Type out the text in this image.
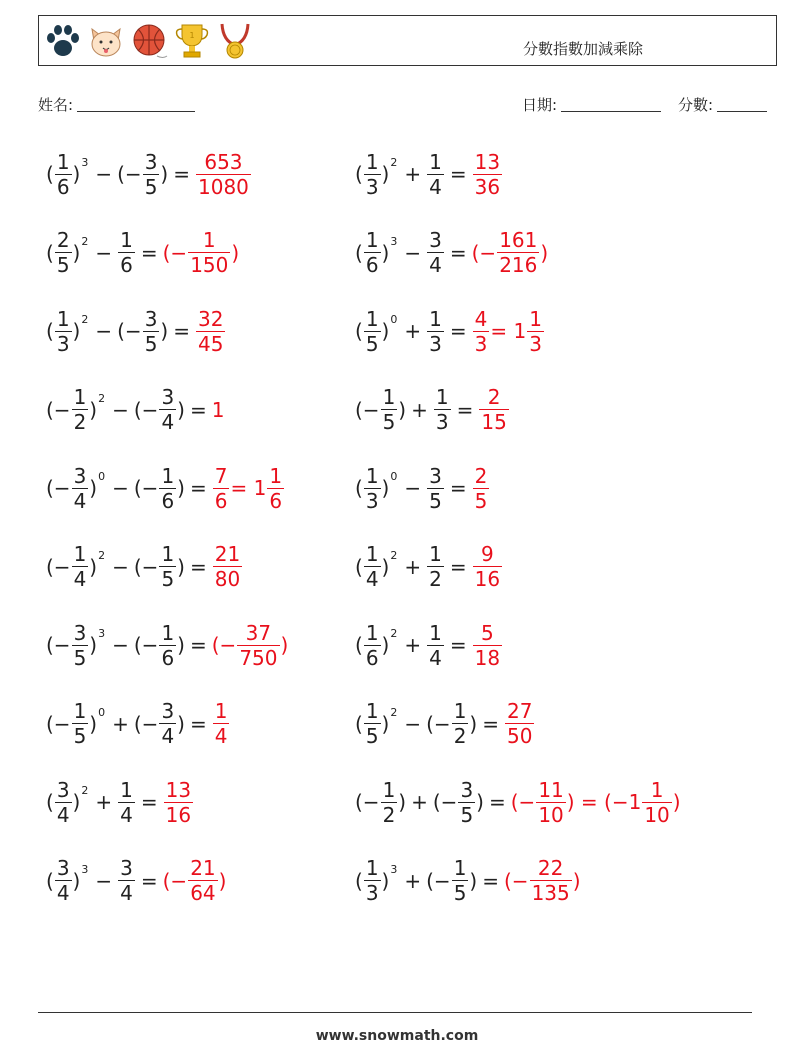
1
分數指數加減乘除
姓名:	日期:	分數:
( $\frac{1}{6}$ ) 3 − (− $\frac{3}{5}$ ) = $\frac{653}{1080}$	( $\frac{1}{3}$ ) $2 + \frac{1}{4} = \frac{13}{36}$
( $\frac{2}{5}$ ) $2 - \frac{1}{6}$ = (− $\frac{1}{150}$ )	( $\frac{1}{6}$ ) $3 - \frac{3}{4}$ = (− $\frac{161}{216}$ )
( $\frac{1}{3}$ ) 2 − (− $\frac{3}{5}$ ) = $\frac{32}{45}$	( $\frac{1}{5}$ ) $0 + \frac{1}{3} = \frac{4}{3} = 1 \frac{1}{3}$
(− $\frac{1}{2}$ ) 2 − (− $\frac{3}{4}$ ) = 1	(− $\frac{1}{5}$ ) + $\frac{1}{3} = \frac{2}{15}$
(− $\frac{3}{4}$ ) 0 − (− $\frac{1}{6}$ ) = $\frac{7}{6} = 1 \frac{1}{6}$	( $\frac{1}{3}$ ) $0 - \frac{3}{5} = \frac{2}{5}$
(− $\frac{1}{4}$ ) 2 − (− $\frac{1}{5}$ ) = $\frac{21}{80}$	( $\frac{1}{4}$ ) $2 + \frac{1}{2} = \frac{9}{16}$
(− $\frac{3}{5}$ ) 3 − (− $\frac{1}{6}$ ) = (− $\frac{37}{750}$ )	( $\frac{1}{6}$ ) $2 + \frac{1}{4} = \frac{5}{18}$
(− $\frac{1}{5}$ ) 0 + (− $\frac{3}{4}$ ) = $\frac{1}{4}$	( $\frac{1}{5}$ ) 2 − (− $\frac{1}{2}$ ) = $\frac{27}{50}$
( $\frac{3}{4}$ ) $2 + \frac{1}{4} = \frac{13}{16}$	(− $\frac{1}{2}$ ) + (− $\frac{3}{5}$ ) = (− $\frac{11}{10}$ ) = ($-1 \frac{1}{10}$ )
( $\frac{3}{4}$ ) $3 - \frac{3}{4}$ = (− $\frac{21}{64}$ )	( $\frac{1}{3}$ ) 3 + (− $\frac{1}{5}$ ) = (− $\frac{22}{135}$ )
www.snowmath.com
